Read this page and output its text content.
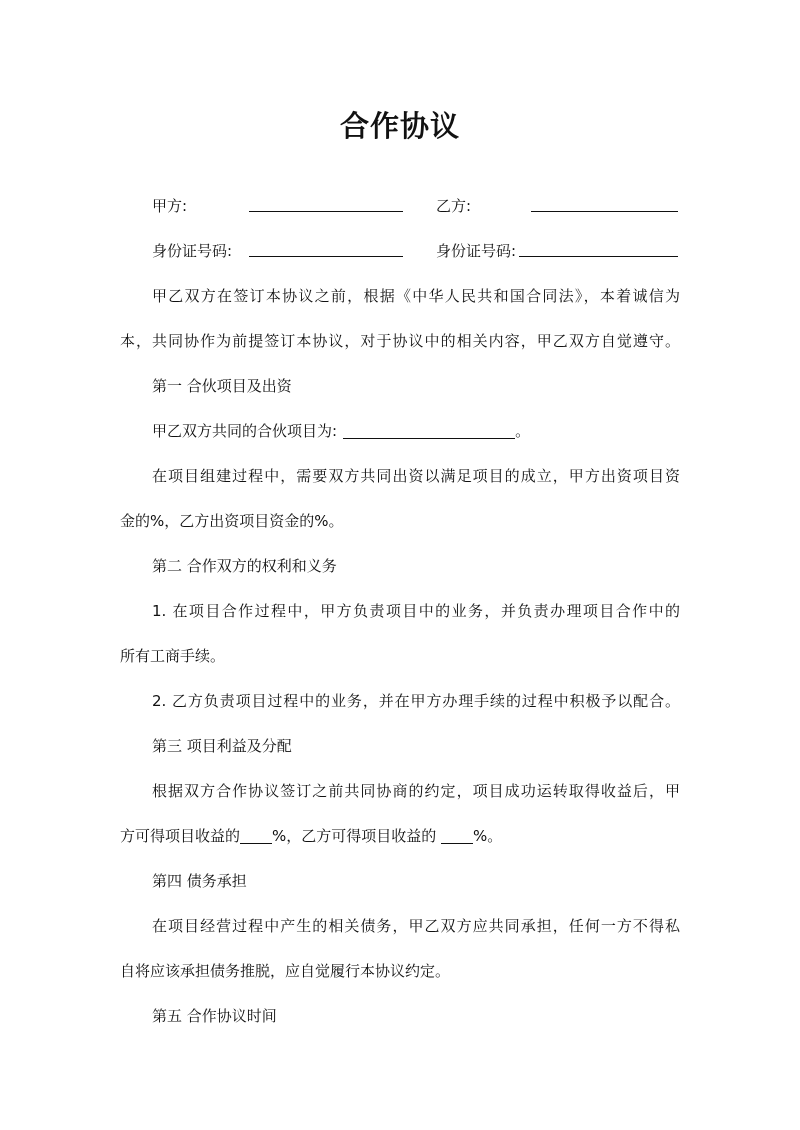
合作协议
甲方:	乙方:
身份证号码:	身份证号码:
甲乙双方在签订本协议之前，根据《中华人民共和国合同法》，本着诚信为
本，共同协作为前提签订本协议，对于协议中的相关内容，甲乙双方自觉遵守。
第一 合伙项目及出资
甲乙双方共同的合伙项目为:	。
在项目组建过程中，需要双方共同出资以满足项目的成立，甲方出资项目资
金的%，乙方出资项目资金的%。
第二 合作双方的权利和义务
1. 在项目合作过程中，甲方负责项目中的业务，并负责办理项目合作中的
所有工商手续。
2. 乙方负责项目过程中的业务，并在甲方办理手续的过程中积极予以配合。
第三 项目利益及分配
根据双方合作协议签订之前共同协商的约定，项目成功运转取得收益后，甲
方可得项目收益的 %，乙方可得项目收益的 %。
第四 债务承担
在项目经营过程中产生的相关债务，甲乙双方应共同承担，任何一方不得私
自将应该承担债务推脱，应自觉履行本协议约定。
第五 合作协议时间
